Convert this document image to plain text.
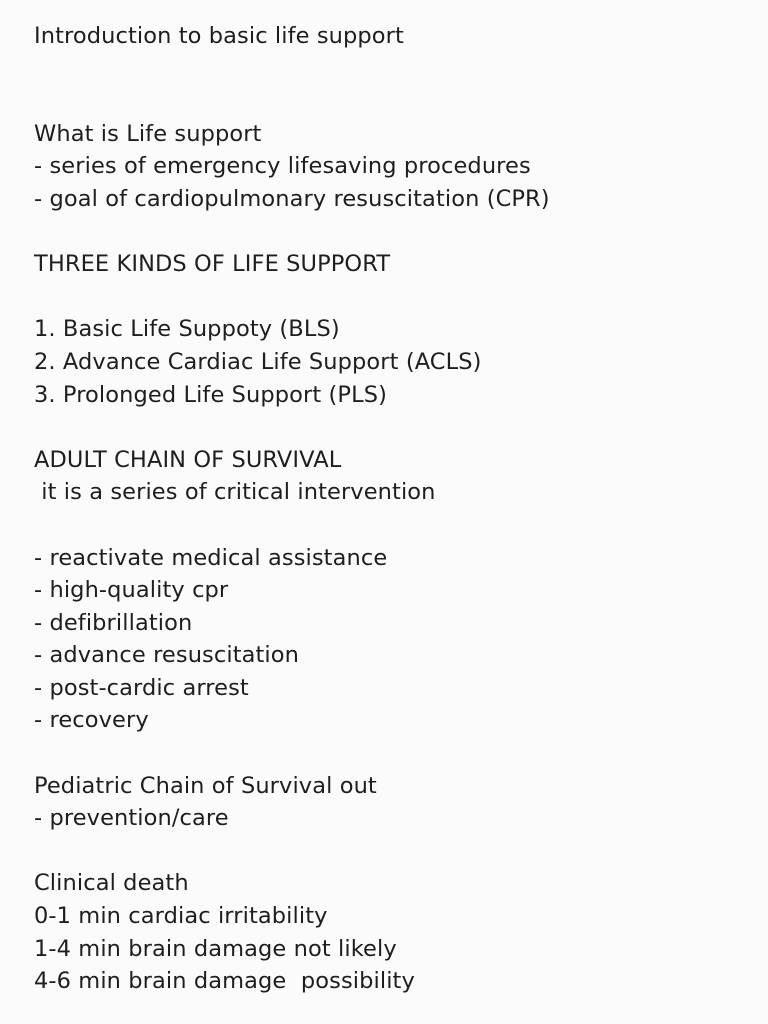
Introduction to basic life support
What is Life support
- series of emergency lifesaving procedures
- goal of cardiopulmonary resuscitation (CPR)
THREE KINDS OF LIFE SUPPORT
1. Basic Life Suppoty (BLS)
2. Advance Cardiac Life Support (ACLS)
3. Prolonged Life Support (PLS)
ADULT CHAIN OF SURVIVAL
it is a series of critical intervention
- reactivate medical assistance
- high-quality cpr
- defibrillation
- advance resuscitation
- post-cardic arrest
- recovery
Pediatric Chain of Survival out
- prevention/care
Clinical death
0-1 min cardiac irritability
1-4 min brain damage not likely
4-6 min brain damage  possibility
